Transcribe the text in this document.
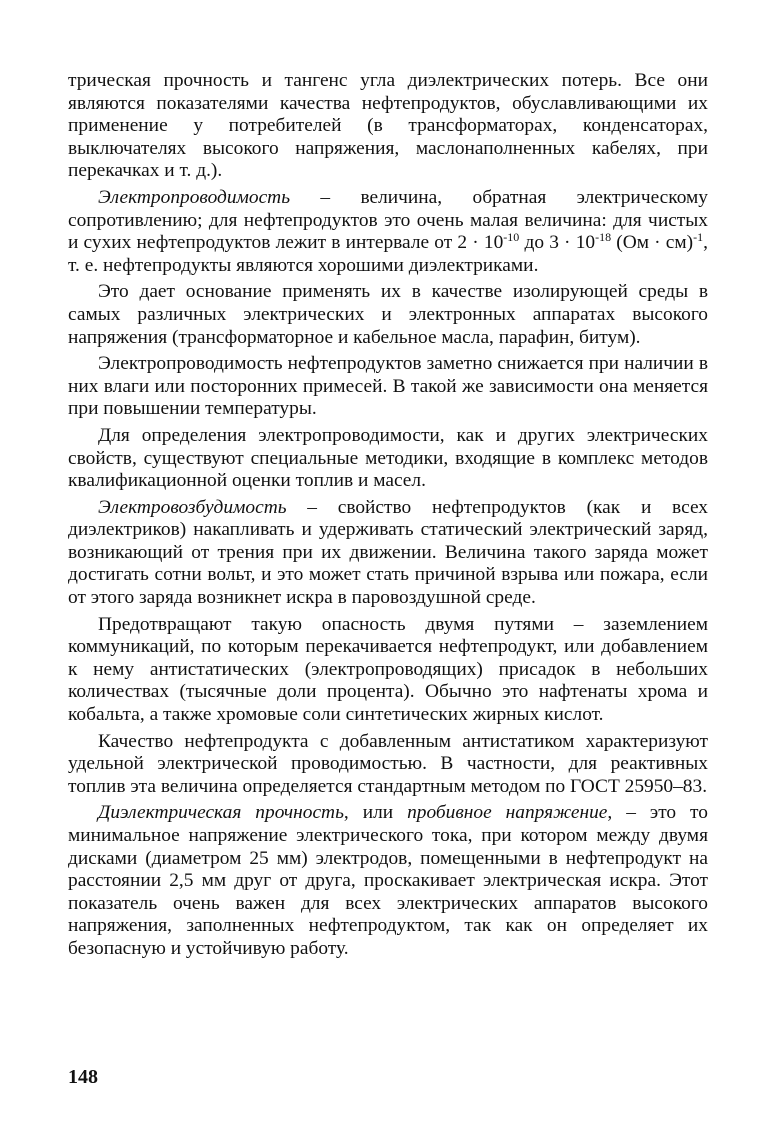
трическая прочность и тангенс угла диэлектрических потерь. Все они являются показателями качества нефтепродуктов, обуславливающими их применение у потребителей (в трансформаторах, конденсаторах, выключателях высокого напряжения, маслонаполненных кабелях, при перекачках и т. д.).

Электропроводимость – величина, обратная электрическому сопротивлению; для нефтепродуктов это очень малая величина: для чистых и сухих нефтепродуктов лежит в интервале от $2 \cdot 10^{-10}$ до $3 \cdot 10^{-18}$ (Ом · см)$^{-1}$, т. е. нефтепродукты являются хорошими диэлектриками.

Это дает основание применять их в качестве изолирующей среды в самых различных электрических и электронных аппаратах высокого напряжения (трансформаторное и кабельное масла, парафин, битум).

Электропроводимость нефтепродуктов заметно снижается при наличии в них влаги или посторонних примесей. В такой же зависимости она меняется при повышении температуры.

Для определения электропроводимости, как и других электрических свойств, существуют специальные методики, входящие в комплекс методов квалификационной оценки топлив и масел.

Электровозбудимость – свойство нефтепродуктов (как и всех диэлектриков) накапливать и удерживать статический электрический заряд, возникающий от трения при их движении. Величина такого заряда может достигать сотни вольт, и это может стать причиной взрыва или пожара, если от этого заряда возникнет искра в паровоздушной среде.

Предотвращают такую опасность двумя путями – заземлением коммуникаций, по которым перекачивается нефтепродукт, или добавлением к нему антистатических (электропроводящих) присадок в небольших количествах (тысячные доли процента). Обычно это нафтенаты хрома и кобальта, а также хромовые соли синтетических жирных кислот.

Качество нефтепродукта с добавленным антистатиком характеризуют удельной электрической проводимостью. В частности, для реактивных топлив эта величина определяется стандартным методом по ГОСТ 25950–83.

Диэлектрическая прочность, или пробивное напряжение, – это то минимальное напряжение электрического тока, при котором между двумя дисками (диаметром 25 мм) электродов, помещенными в нефтепродукт на расстоянии 2,5 мм друг от друга, проскакивает электрическая искра. Этот показатель очень важен для всех электрических аппаратов высокого напряжения, заполненных нефтепродуктом, так как он определяет их безопасную и устойчивую работу.

148
